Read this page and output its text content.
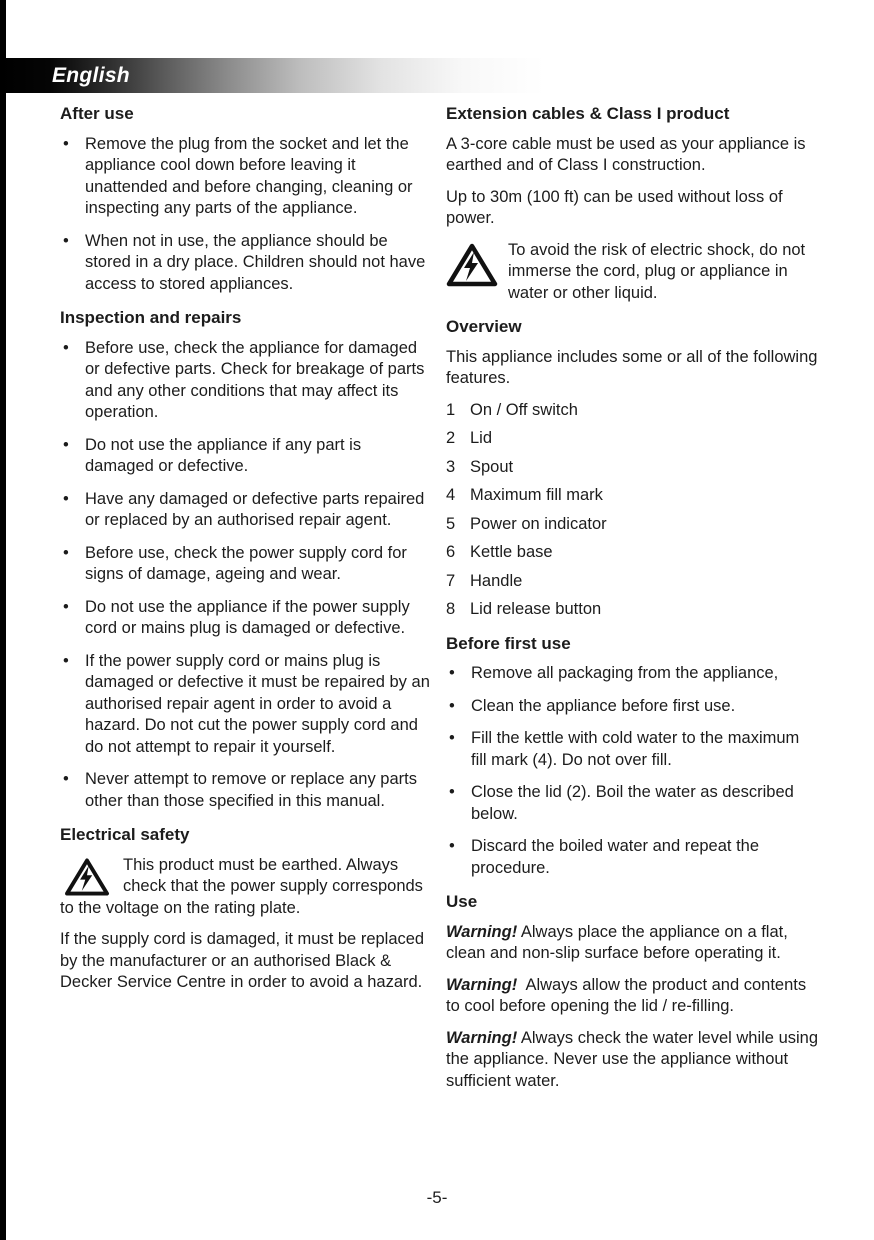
English
After use
• Remove the plug from the socket and let the appliance cool down before leaving it unattended and before changing, cleaning or inspecting any parts of the appliance.
• When not in use, the appliance should be stored in a dry place. Children should not have access to stored appliances.
Inspection and repairs
• Before use, check the appliance for damaged or defective parts. Check for breakage of parts and any other conditions that may affect its operation.
• Do not use the appliance if any part is damaged or defective.
• Have any damaged or defective parts repaired or replaced by an authorised repair agent.
• Before use, check the power supply cord for signs of damage, ageing and wear.
• Do not use the appliance if the power supply cord or mains plug is damaged or defective.
• If the power supply cord or mains plug is damaged or defective it must be repaired by an authorised repair agent in order to avoid a hazard. Do not cut the power supply cord and do not attempt to repair it yourself.
• Never attempt to remove or replace any parts other than those specified in this manual.
Electrical safety
This product must be earthed. Always check that the power supply corresponds to the voltage on the rating plate.

If the supply cord is damaged, it must be replaced by the manufacturer or an authorised Black & Decker Service Centre in order to avoid a hazard.

Extension cables & Class I product

A 3-core cable must be used as your appliance is earthed and of Class I construction.

Up to 30m (100 ft) can be used without loss of power.

To avoid the risk of electric shock, do not immerse the cord, plug or appliance in water or other liquid.
Overview

This appliance includes some or all of the following features.

1 On / Off switch
2 Lid
3 Spout
4 Maximum fill mark
5 Power on indicator
6 Kettle base
7 Handle
8 Lid release button
Before first use
• Remove all packaging from the appliance,
• Clean the appliance before first use.
• Fill the kettle with cold water to the maximum fill mark (4). Do not over fill.
• Close the lid (2). Boil the water as described below.
• Discard the boiled water and repeat the procedure.
Use

Warning! Always place the appliance on a flat, clean and non-slip surface before operating it.

Warning!  Always allow the product and contents to cool before opening the lid / re-filling.

Warning! Always check the water level while using the appliance. Never use the appliance without sufficient water.

-5-
